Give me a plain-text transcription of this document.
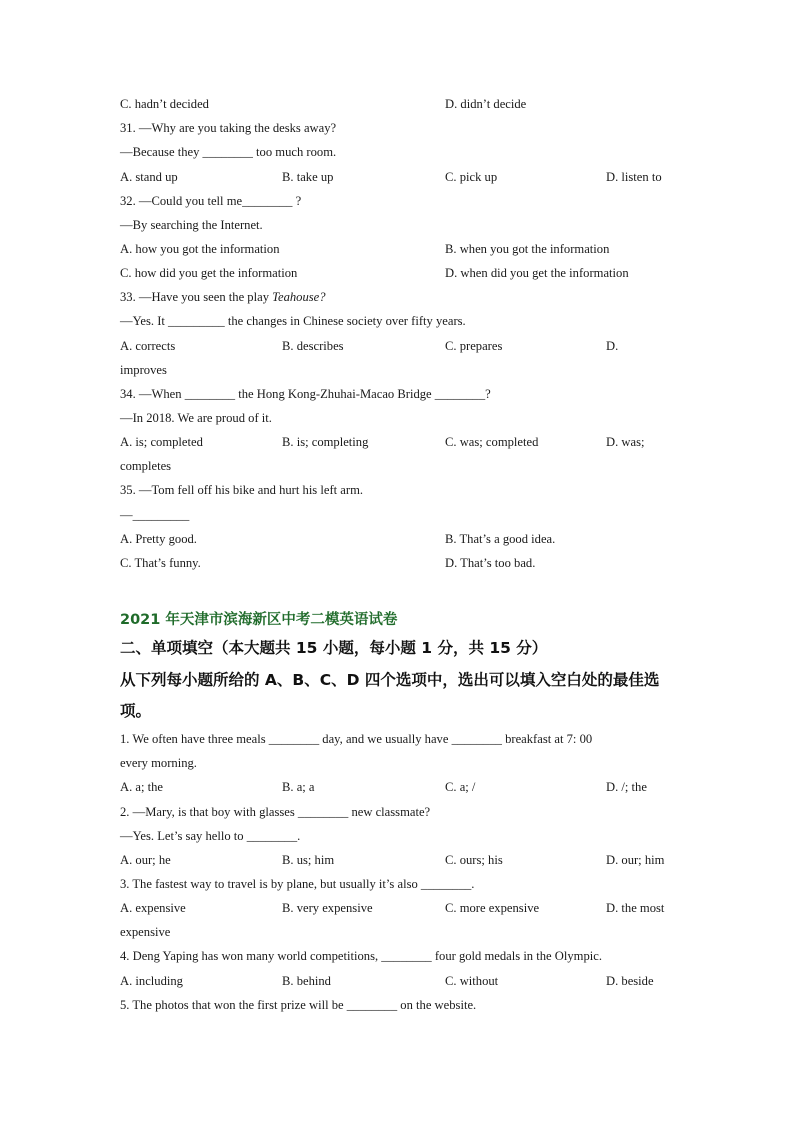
C. hadn’t decided	D. didn’t decide
31. —Why are you taking the desks away?
—Because they ________ too much room.
A. stand up	B. take up	C. pick up	D. listen to
32. —Could you tell me________ ?
—By searching the Internet.
A. how you got the information	B. when you got the information
C. how did you get the information	D. when did you get the information
33. —Have you seen the play Teahouse?
—Yes. It _________ the changes in Chinese society over fifty years.
A. corrects	B. describes	C. prepares	D.
improves
34. —When ________ the Hong Kong-Zhuhai-Macao Bridge ________?
—In 2018. We are proud of it.
A. is; completed	B. is; completing	C. was; completed	D. was;
completes
35. —Tom fell off his bike and hurt his left arm.
—_________
A. Pretty good.	B. That’s a good idea.
C. That’s funny.	D. That’s too bad.
2021 年天津市滨海新区中考二模英语试卷
二、单项填空（本大题共 15 小题，每小题 1 分，共 15 分）
从下列每小题所给的 A、B、C、D 四个选项中，选出可以填入空白处的最佳选
项。
1. We often have three meals ________ day, and we usually have ________ breakfast at 7: 00
every morning.
A. a; the	B. a; a	C. a; /	D. /; the
2. —Mary, is that boy with glasses ________ new classmate?
—Yes. Let’s say hello to ________.
A. our; he	B. us; him	C. ours; his	D. our; him
3. The fastest way to travel is by plane, but usually it’s also ________.
A. expensive	B. very expensive	C. more expensive	D. the most
expensive
4. Deng Yaping has won many world competitions, ________ four gold medals in the Olympic.
A. including	B. behind	C. without	D. beside
5. The photos that won the first prize will be ________ on the website.
